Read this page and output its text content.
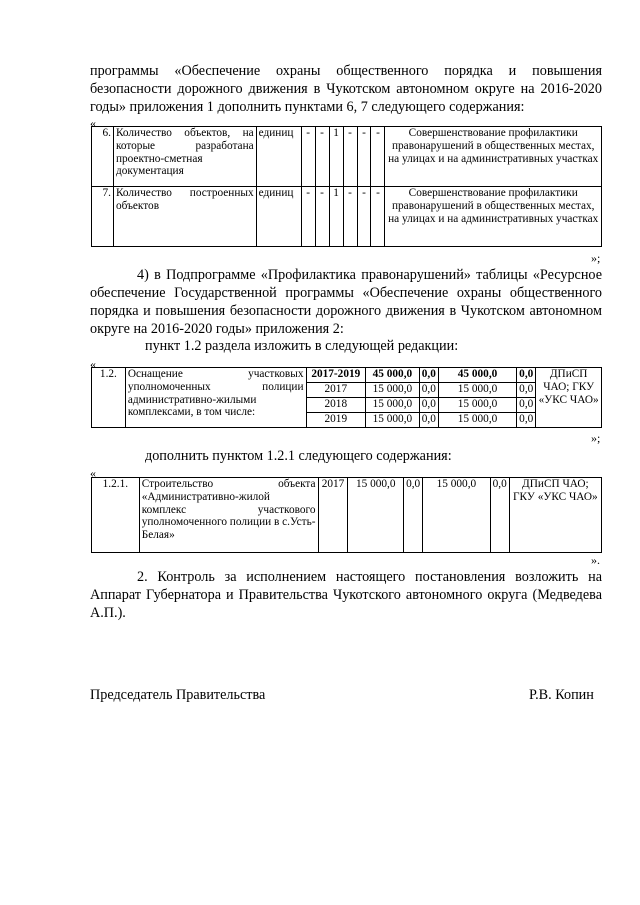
программы «Обеспечение охраны общественного порядка и повышения безопасности дорожного движения в Чукотском автономном округе на 2016-2020 годы» приложения 1 дополнить пунктами 6, 7 следующего содержания:

«
6.	Количество объектов, на которые разработана проектно-сметная документация	единиц	-	-	1	-	-	-	Совершенствование профилактики правонарушений в общественных местах, на улицах и на административных участках
7.	Количество построенных объектов	единиц	-	-	1	-	-	-	Совершенствование профилактики правонарушений в общественных местах, на улицах и на административных участках
»;

4) в Подпрограмме «Профилактика правонарушений» таблицы «Ресурсное обеспечение Государственной программы «Обеспечение охраны общественного порядка и повышения безопасности дорожного движения в Чукотском автономном округе на 2016-2020 годы» приложения 2:

пункт 1.2 раздела изложить в следующей редакции:

«
1.2.	Оснащение участковых уполномоченных полиции административно-жилыми комплексами, в том числе:	2017-2019	45 000,0	0,0	45 000,0	0,0	ДПиСП ЧАО; ГКУ «УКС ЧАО»
		2017	15 000,0	0,0	15 000,0	0,0	
		2018	15 000,0	0,0	15 000,0	0,0	
		2019	15 000,0	0,0	15 000,0	0,0	
»;

дополнить пунктом 1.2.1 следующего содержания:

«
1.2.1.	Строительство объекта «Административно-жилой комплекс участкового уполномоченного полиции в с.Усть-Белая»	2017	15 000,0	0,0	15 000,0	0,0	ДПиСП ЧАО; ГКУ «УКС ЧАО»
».

2. Контроль за исполнением настоящего постановления возложить на Аппарат Губернатора и Правительства Чукотского автономного округа (Медведева А.П.).

Председатель Правительства	Р.В. Копин
